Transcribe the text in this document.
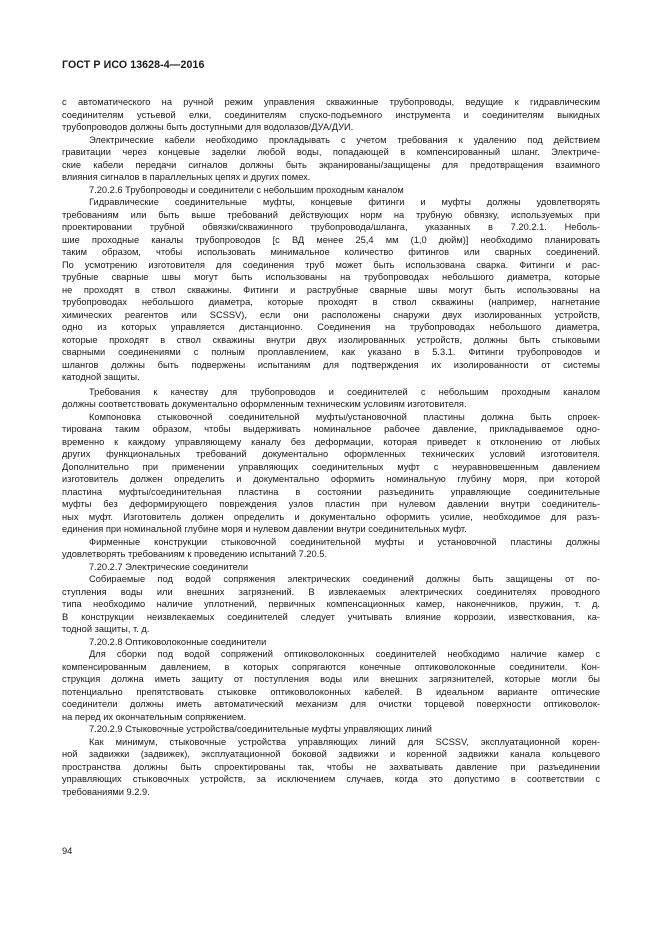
ГОСТ Р ИСО 13628-4—2016
с автоматического на ручной режим управления скважинные трубопроводы, ведущие к гидравлическим
соединителям устьевой елки, соединителям спуско-подъемного инструмента и соединителям выкидных
трубопроводов должны быть доступными для водолазов/ДУА/ДУИ.
Электрические кабели необходимо прокладывать с учетом требования к удалению под действием
гравитации через концевые заделки любой воды, попадающей в компенсированный шланг. Электриче-
ские кабели передачи сигналов должны быть экранированы/защищены для предотвращения взаимного
влияния сигналов в параллельных цепях и других помех.
7.20.2.6 Трубопроводы и соединители с небольшим проходным каналом
Гидравлические соединительные муфты, концевые фитинги и муфты должны удовлетворять
требованиям или быть выше требований действующих норм на трубную обвязку, используемых при
проектировании трубной обвязки/скважинного трубопровода/шланга, указанных в 7.20.2.1. Неболь-
шие проходные каналы трубопроводов [с ВД менее 25,4 мм (1,0 дюйм)] необходимо планировать
таким образом, чтобы использовать минимальное количество фитингов или сварных соединений.
По усмотрению изготовителя для соединения труб может быть использована сварка. Фитинги и рас-
трубные сварные швы могут быть использованы на трубопроводах небольшого диаметра, которые
не проходят в ствол скважины. Фитинги и раструбные сварные швы могут быть использованы на
трубопроводах небольшого диаметра, которые проходят в ствол скважины (например, нагнетание
химических реагентов или SCSSV), если они расположены снаружи двух изолированных устройств,
одно из которых управляется дистанционно. Соединения на трубопроводах небольшого диаметра,
которые проходят в ствол скважины внутри двух изолированных устройств, должны быть стыковыми
сварными соединениями с полным проплавлением, как указано в 5.3.1. Фитинги трубопроводов и
шлангов должны быть подвержены испытаниям для подтверждения их изолированности от системы
катодной защиты.
Требования к качеству для трубопроводов и соединителей с небольшим проходным каналом
должны соответствовать документально оформленным техническим условиям изготовителя.
Компоновка стыковочной соединительной муфты/установочной пластины должна быть спроек-
тирована таким образом, чтобы выдерживать номинальное рабочее давление, прикладываемое одно-
временно к каждому управляющему каналу без деформации, которая приведет к отклонению от любых
других функциональных требований документально оформленных технических условий изготовителя.
Дополнительно при применении управляющих соединительных муфт с неуравновешенным давлением
изготовитель должен определить и документально оформить номинальную глубину моря, при которой
пластина муфты/соединительная пластина в состоянии разъединить управляющие соединительные
муфты без деформирующего повреждения узлов пластин при нулевом давлении внутри соединитель-
ных муфт. Изготовитель должен определить и документально оформить усилие, необходимое для разъ-
единения при номинальной глубине моря и нулевом давлении внутри соединительных муфт.
Фирменные конструкции стыковочной соединительной муфты и установочной пластины должны
удовлетворять требованиям к проведению испытаний 7.20.5.
7.20.2.7 Электрические соединители
Собираемые под водой сопряжения электрических соединений должны быть защищены от по-
ступления воды или внешних загрязнений. В извлекаемых электрических соединителях проводного
типа необходимо наличие уплотнений, первичных компенсационных камер, наконечников, пружин, т. д.
В конструкции неизвлекаемых соединителей следует учитывать влияние коррозии, известкования, ка-
тодной защиты, т. д.
7.20.2.8 Оптиковолоконные соединители
Для сборки под водой сопряжений оптиковолоконных соединителей необходимо наличие камер с
компенсированным давлением, в которых сопрягаются конечные оптиковолоконные соединители. Кон-
струкция должна иметь защиту от поступления воды или внешних загрязнителей, которые могли бы
потенциально препятствовать стыковке оптиковолоконных кабелей. В идеальном варианте оптические
соединители должны иметь автоматический механизм для очистки торцевой поверхности оптиковолок-
на перед их окончательным сопряжением.
7.20.2.9 Стыковочные устройства/соединительные муфты управляющих линий
Как минимум, стыковочные устройства управляющих линий для SCSSV, эксплуатационной корен-
ной задвижки (задвижек), эксплуатационной боковой задвижки и коренной задвижки канала кольцевого
пространства должны быть спроектированы так, чтобы не захватывать давление при разъединении
управляющих стыковочных устройств, за исключением случаев, когда это допустимо в соответствии с
требованиями 9.2.9.
94
